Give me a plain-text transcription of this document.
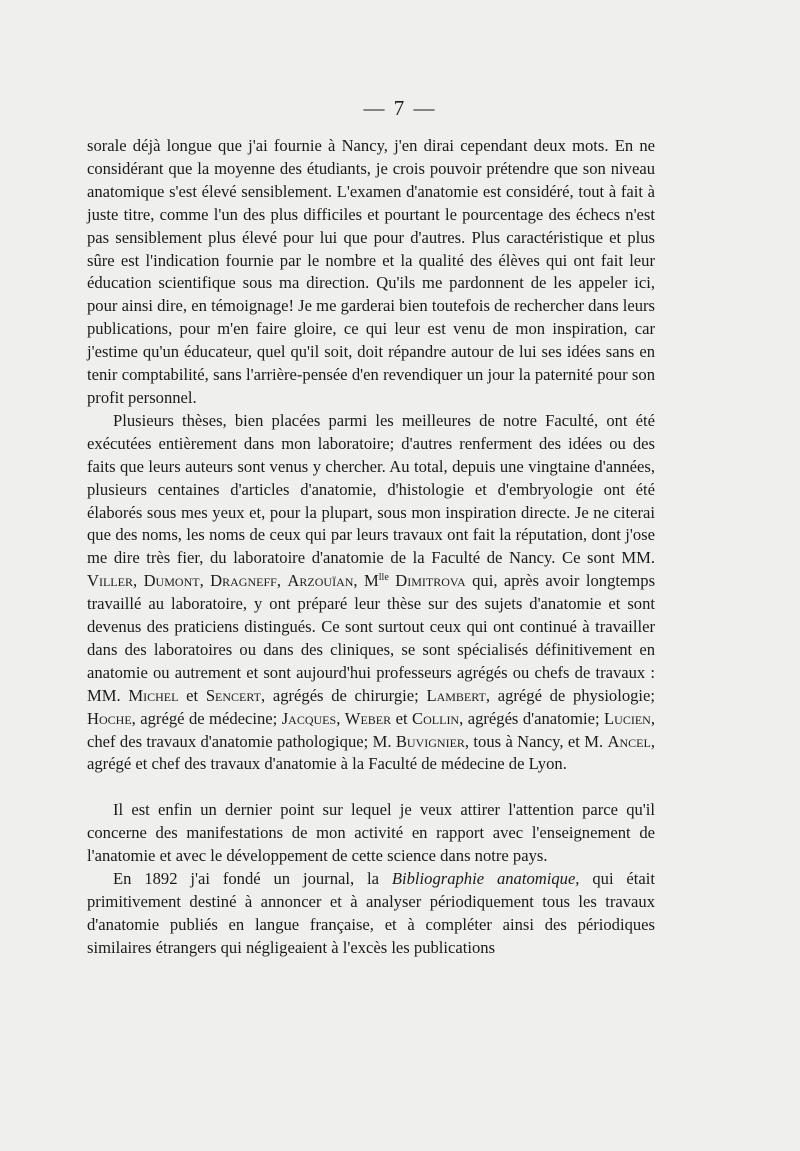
— 7 —

sorale déjà longue que j'ai fournie à Nancy, j'en dirai cependant deux mots. En ne considérant que la moyenne des étudiants, je crois pouvoir prétendre que son niveau anatomique s'est élevé sensiblement. L'examen d'anatomie est considéré, tout à fait à juste titre, comme l'un des plus difficiles et pourtant le pourcentage des échecs n'est pas sensiblement plus élevé pour lui que pour d'autres. Plus caractéristique et plus sûre est l'indication fournie par le nombre et la qualité des élèves qui ont fait leur éducation scientifique sous ma direction. Qu'ils me pardonnent de les appeler ici, pour ainsi dire, en témoignage! Je me garderai bien toutefois de rechercher dans leurs publications, pour m'en faire gloire, ce qui leur est venu de mon inspiration, car j'estime qu'un éducateur, quel qu'il soit, doit répandre autour de lui ses idées sans en tenir comptabilité, sans l'arrière-pensée d'en revendiquer un jour la paternité pour son profit personnel.

Plusieurs thèses, bien placées parmi les meilleures de notre Faculté, ont été exécutées entièrement dans mon laboratoire; d'autres renferment des idées ou des faits que leurs auteurs sont venus y chercher. Au total, depuis une vingtaine d'années, plusieurs centaines d'articles d'anatomie, d'histologie et d'embryologie ont été élaborés sous mes yeux et, pour la plupart, sous mon inspiration directe. Je ne citerai que des noms, les noms de ceux qui par leurs travaux ont fait la réputation, dont j'ose me dire très fier, du laboratoire d'anatomie de la Faculté de Nancy. Ce sont MM. Viller, Dumont, Dragneff, Arzouïan, $M^{lle}$ Dimitrova qui, après avoir longtemps travaillé au laboratoire, y ont préparé leur thèse sur des sujets d'anatomie et sont devenus des praticiens distingués. Ce sont surtout ceux qui ont continué à travailler dans des laboratoires ou dans des cliniques, se sont spécialisés définitivement en anatomie ou autrement et sont aujourd'hui professeurs agrégés ou chefs de travaux : MM. Michel et Sencert, agrégés de chirurgie; Lambert, agrégé de physiologie; Hoche, agrégé de médecine; Jacques, Weber et Collin, agrégés d'anatomie; Lucien, chef des travaux d'anatomie pathologique; M. Buvignier, tous à Nancy, et M. Ancel, agrégé et chef des travaux d'anatomie à la Faculté de médecine de Lyon.

Il est enfin un dernier point sur lequel je veux attirer l'attention parce qu'il concerne des manifestations de mon activité en rapport avec l'enseignement de l'anatomie et avec le développement de cette science dans notre pays.

En 1892 j'ai fondé un journal, la Bibliographie anatomique, qui était primitivement destiné à annoncer et à analyser périodiquement tous les travaux d'anatomie publiés en langue française, et à compléter ainsi des périodiques similaires étrangers qui négligeaient à l'excès les publications
